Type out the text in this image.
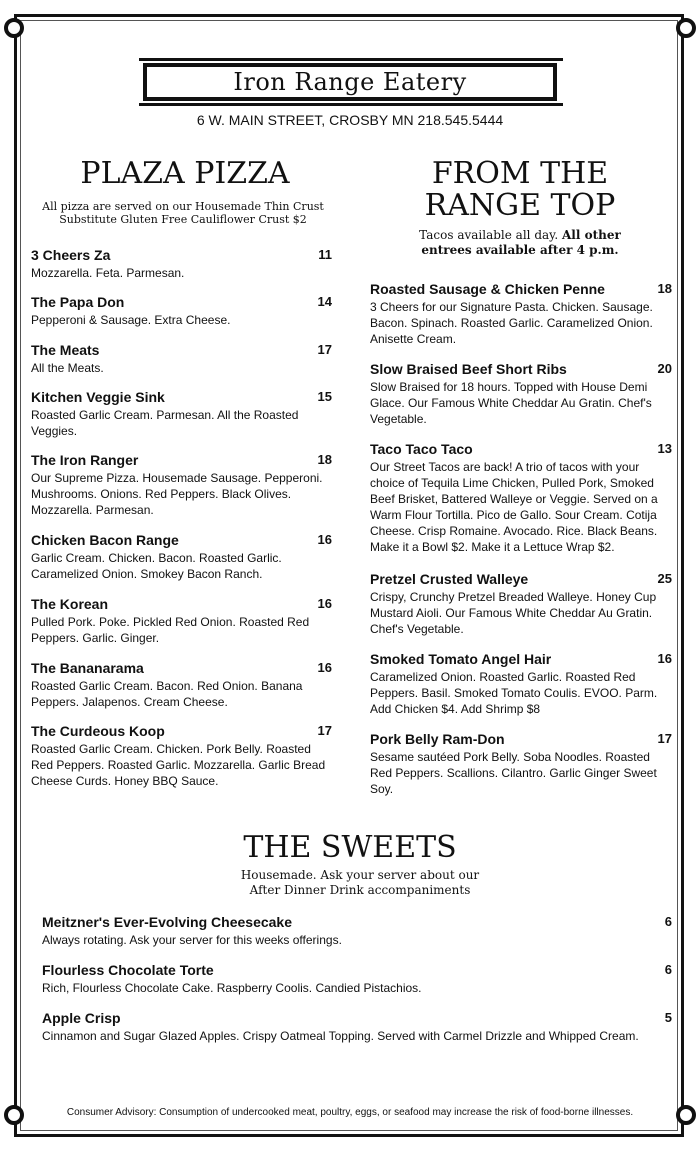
Iron Range Eatery
6 W. MAIN STREET, CROSBY MN 218.545.5444
PLAZA PIZZA
All pizza are served on our Housemade Thin Crust
Substitute Gluten Free Cauliflower Crust $2
3 Cheers Za	11
Mozzarella. Feta. Parmesan.
The Papa Don	14
Pepperoni & Sausage. Extra Cheese.
The Meats	17
All the Meats.
Kitchen Veggie Sink	15
Roasted Garlic Cream. Parmesan. All the Roasted Veggies.
The Iron Ranger	18
Our Supreme Pizza. Housemade Sausage. Pepperoni. Mushrooms. Onions. Red Peppers. Black Olives. Mozzarella. Parmesan.
Chicken Bacon Range	16
Garlic Cream. Chicken. Bacon. Roasted Garlic. Caramelized Onion. Smokey Bacon Ranch.
The Korean	16
Pulled Pork. Poke. Pickled Red Onion. Roasted Red Peppers. Garlic. Ginger.
The Bananarama	16
Roasted Garlic Cream. Bacon. Red Onion. Banana Peppers. Jalapenos. Cream Cheese.
The Curdeous Koop	17
Roasted Garlic Cream. Chicken. Pork Belly. Roasted Red Peppers. Roasted Garlic. Mozzarella. Garlic Bread Cheese Curds. Honey BBQ Sauce.
FROM THE
RANGE TOP
Tacos available all day. All other
entrees available after 4 p.m.
Roasted Sausage & Chicken Penne	18
3 Cheers for our Signature Pasta. Chicken. Sausage. Bacon. Spinach. Roasted Garlic. Caramelized Onion. Anisette Cream.
Slow Braised Beef Short Ribs	20
Slow Braised for 18 hours. Topped with House Demi Glace. Our Famous White Cheddar Au Gratin. Chef's Vegetable.
Taco Taco Taco	13
Our Street Tacos are back! A trio of tacos with your choice of Tequila Lime Chicken, Pulled Pork, Smoked Beef Brisket, Battered Walleye or Veggie. Served on a Warm Flour Tortilla. Pico de Gallo. Sour Cream. Cotija Cheese. Crisp Romaine. Avocado. Rice. Black Beans. Make it a Bowl $2. Make it a Lettuce Wrap $2.
Pretzel Crusted Walleye	25
Crispy, Crunchy Pretzel Breaded Walleye. Honey Cup Mustard Aioli. Our Famous White Cheddar Au Gratin. Chef's Vegetable.
Smoked Tomato Angel Hair	16
Caramelized Onion. Roasted Garlic. Roasted Red Peppers. Basil. Smoked Tomato Coulis. EVOO. Parm. Add Chicken $4. Add Shrimp $8
Pork Belly Ram-Don	17
Sesame sautéed Pork Belly. Soba Noodles. Roasted Red Peppers. Scallions. Cilantro. Garlic Ginger Sweet Soy.
THE SWEETS
Housemade. Ask your server about our
After Dinner Drink accompaniments
Meitzner's Ever-Evolving Cheesecake	6
Always rotating. Ask your server for this weeks offerings.
Flourless Chocolate Torte	6
Rich, Flourless Chocolate Cake. Raspberry Coolis. Candied Pistachios.
Apple Crisp	5
Cinnamon and Sugar Glazed Apples. Crispy Oatmeal Topping. Served with Carmel Drizzle and Whipped Cream.
Consumer Advisory: Consumption of undercooked meat, poultry, eggs, or seafood may increase the risk of food-borne illnesses.
